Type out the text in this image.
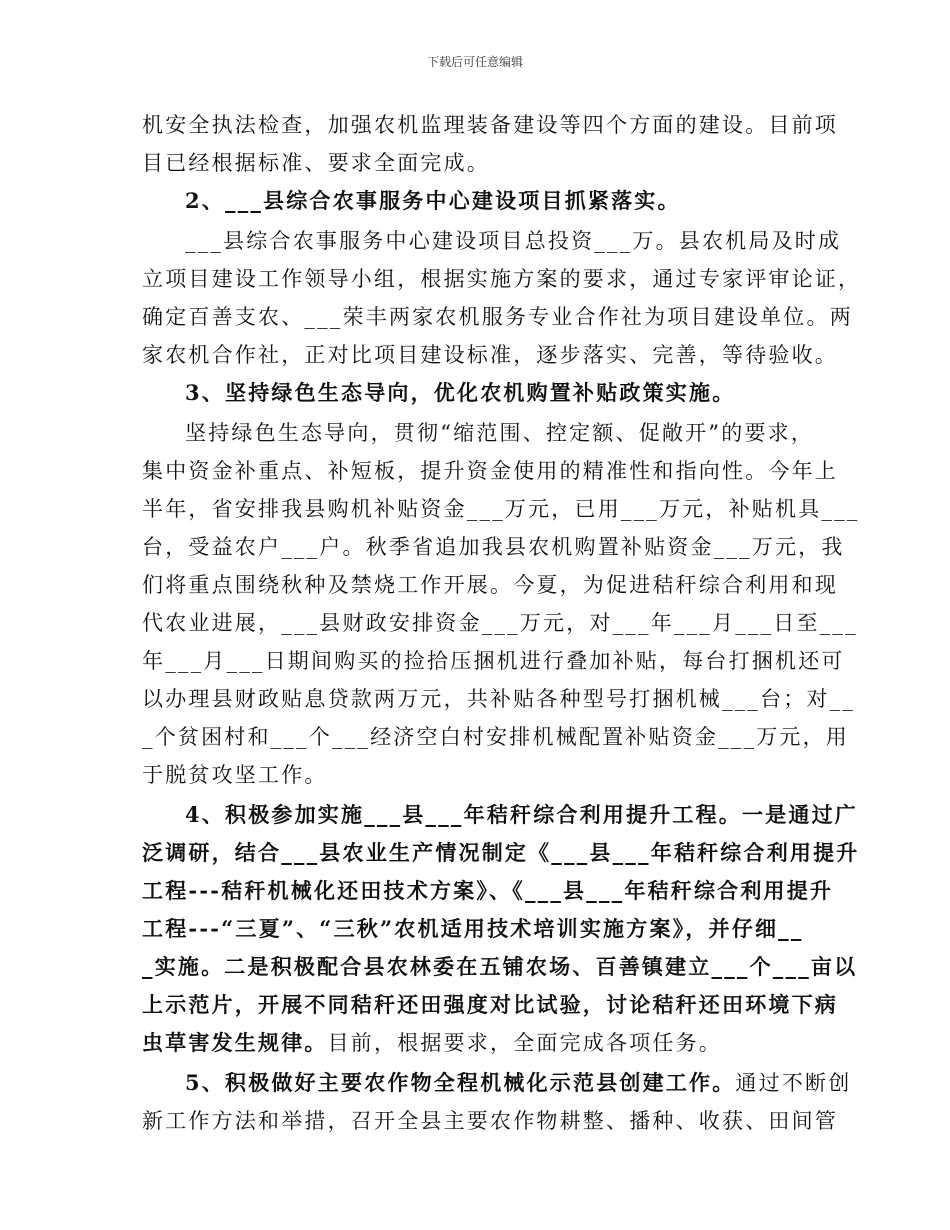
下载后可任意编辑
机安全执法检查，加强农机监理装备建设等四个方面的建设。目前项
目已经根据标准、要求全面完成。
2、___县综合农事服务中心建设项目抓紧落实。
___县综合农事服务中心建设项目总投资___万。县农机局及时成
立项目建设工作领导小组，根据实施方案的要求，通过专家评审论证，
确定百善支农、___荣丰两家农机服务专业合作社为项目建设单位。两
家农机合作社，正对比项目建设标准，逐步落实、完善，等待验收。
3、坚持绿色生态导向，优化农机购置补贴政策实施。
坚持绿色生态导向，贯彻“缩范围、控定额、促敞开”的要求，
集中资金补重点、补短板，提升资金使用的精准性和指向性。今年上
半年，省安排我县购机补贴资金___万元，已用___万元，补贴机具___
台，受益农户___户。秋季省追加我县农机购置补贴资金___万元，我
们将重点围绕秋种及禁烧工作开展。今夏，为促进秸秆综合利用和现
代农业进展，___县财政安排资金___万元，对___年___月___日至___
年___月___日期间购买的捡拾压捆机进行叠加补贴，每台打捆机还可
以办理县财政贴息贷款两万元，共补贴各种型号打捆机械___台；对__
_个贫困村和___个___经济空白村安排机械配置补贴资金___万元，用
于脱贫攻坚工作。
4、积极参加实施___县___年秸秆综合利用提升工程。一是通过广
泛调研，结合___县农业生产情况制定《___县___年秸秆综合利用提升
工程---秸秆机械化还田技术方案》、《___县___年秸秆综合利用提升
工程---“三夏”、“三秋”农机适用技术培训实施方案》，并仔细__
_实施。二是积极配合县农林委在五铺农场、百善镇建立___个___亩以
上示范片，开展不同秸秆还田强度对比试验，讨论秸秆还田环境下病
虫草害发生规律。目前，根据要求，全面完成各项任务。
5、积极做好主要农作物全程机械化示范县创建工作。通过不断创
新工作方法和举措，召开全县主要农作物耕整、播种、收获、田间管
